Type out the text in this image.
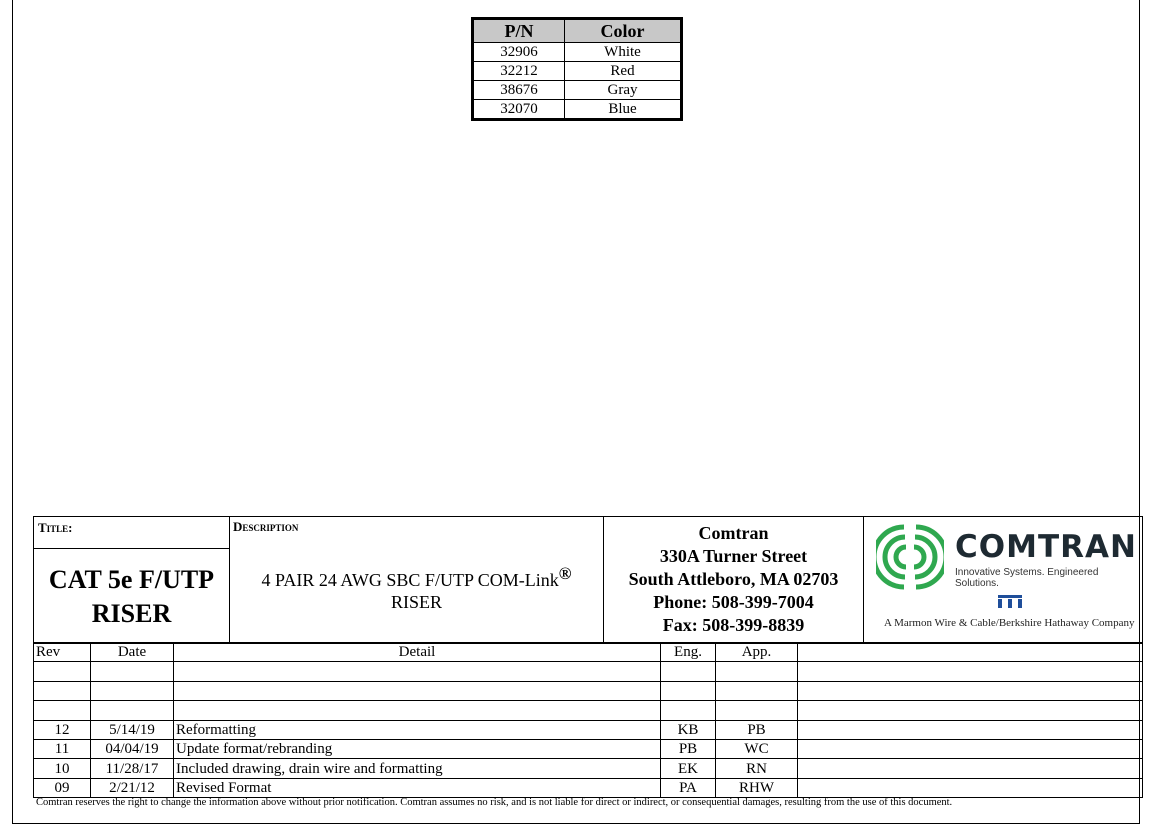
P/N	Color
32906	White
32212	Red
38676	Gray
32070	Blue
Title:
CAT 5e F/UTP
RISER
Description
4 PAIR 24 AWG SBC F/UTP COM-Link®
RISER
Comtran
330A Turner Street
South Attleboro, MA 02703
Phone: 508-399-7004
Fax: 508-399-8839
COMTRAN
Innovative Systems. Engineered Solutions.
A Marmon Wire & Cable/Berkshire Hathaway Company
Rev	Date	Detail	Eng.	App.	

12	5/14/19	Reformatting	KB	PB	
11	04/04/19	Update format/rebranding	PB	WC	
10	11/28/17	Included drawing, drain wire and formatting	EK	RN	
09	2/21/12	Revised Format	PA	RHW	
Comtran reserves the right to change the information above without prior notification. Comtran assumes no risk, and is not liable for direct or indirect, or consequential damages, resulting from the use of this document.
